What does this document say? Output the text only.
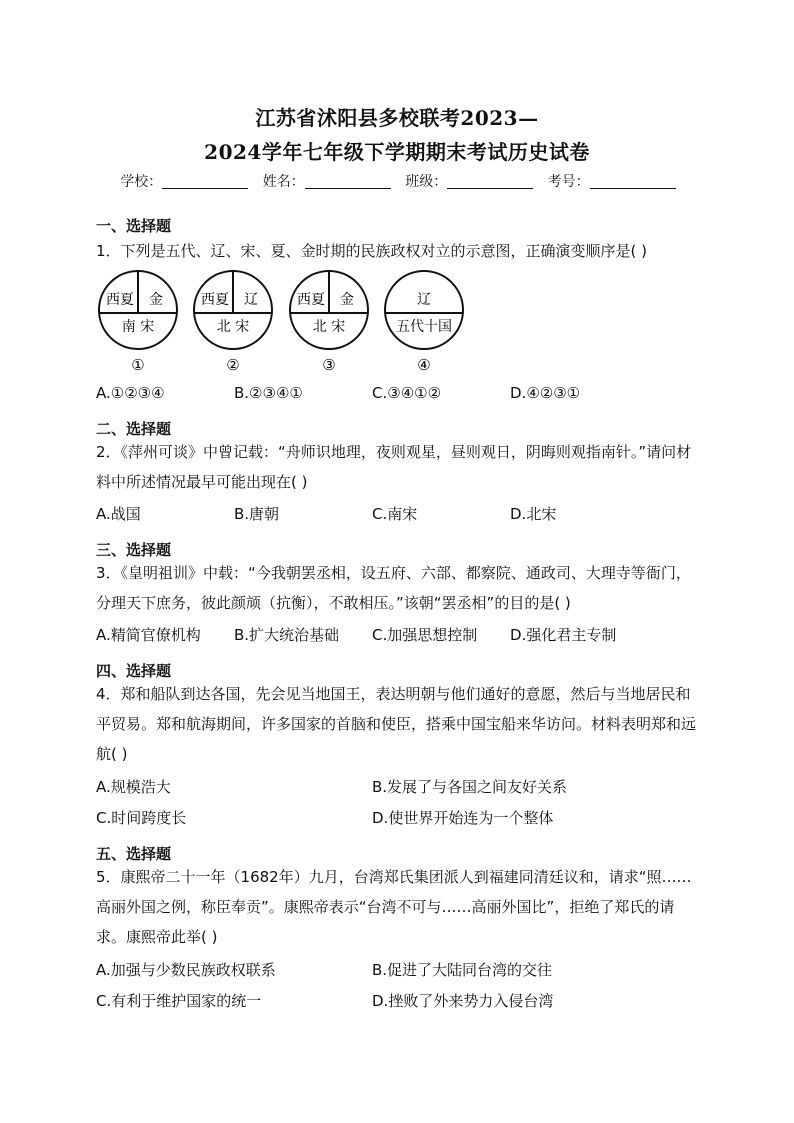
江苏省沭阳县多校联考2023—
2024学年七年级下学期期末考试历史试卷
学校：	姓名：	班级：	考号：
一、选择题
1．下列是五代、辽、宋、夏、金时期的民族政权对立的示意图，正确演变顺序是( )
西夏 金
南 宋
①
西夏 辽
北 宋
②
西夏 金
北 宋
③
辽
五代十国
④
A.①②③④	B.②③④①	C.③④①②	D.④②③①
二、选择题
2．《萍州可谈》中曾记载：“舟师识地理，夜则观星，昼则观日，阴晦则观指南针。”请问材料中所述情况最早可能出现在( )
A.战国	B.唐朝	C.南宋	D.北宋
三、选择题
3．《皇明祖训》中载：“今我朝罢丞相，设五府、六部、都察院、通政司、大理寺等衙门，分理天下庶务，彼此颜颃（抗衡），不敢相压。”该朝“罢丞相”的目的是( )
A.精简官僚机构 B.扩大统治基础 C.加强思想控制 D.强化君主专制
四、选择题
4．郑和船队到达各国，先会见当地国王，表达明朝与他们通好的意愿，然后与当地居民和平贸易。郑和航海期间，许多国家的首脑和使臣，搭乘中国宝船来华访问。材料表明郑和远航( )
A.规模浩大	B.发展了与各国之间友好关系
C.时间跨度长	D.使世界开始连为一个整体
五、选择题
5．康熙帝二十一年（1682年）九月，台湾郑氏集团派人到福建同清廷议和，请求“照……高丽外国之例，称臣奉贡”。康熙帝表示“台湾不可与……高丽外国比”，拒绝了郑氏的请求。康熙帝此举( )
A.加强与少数民族政权联系	B.促进了大陆同台湾的交往
C.有利于维护国家的统一	D.挫败了外来势力入侵台湾
